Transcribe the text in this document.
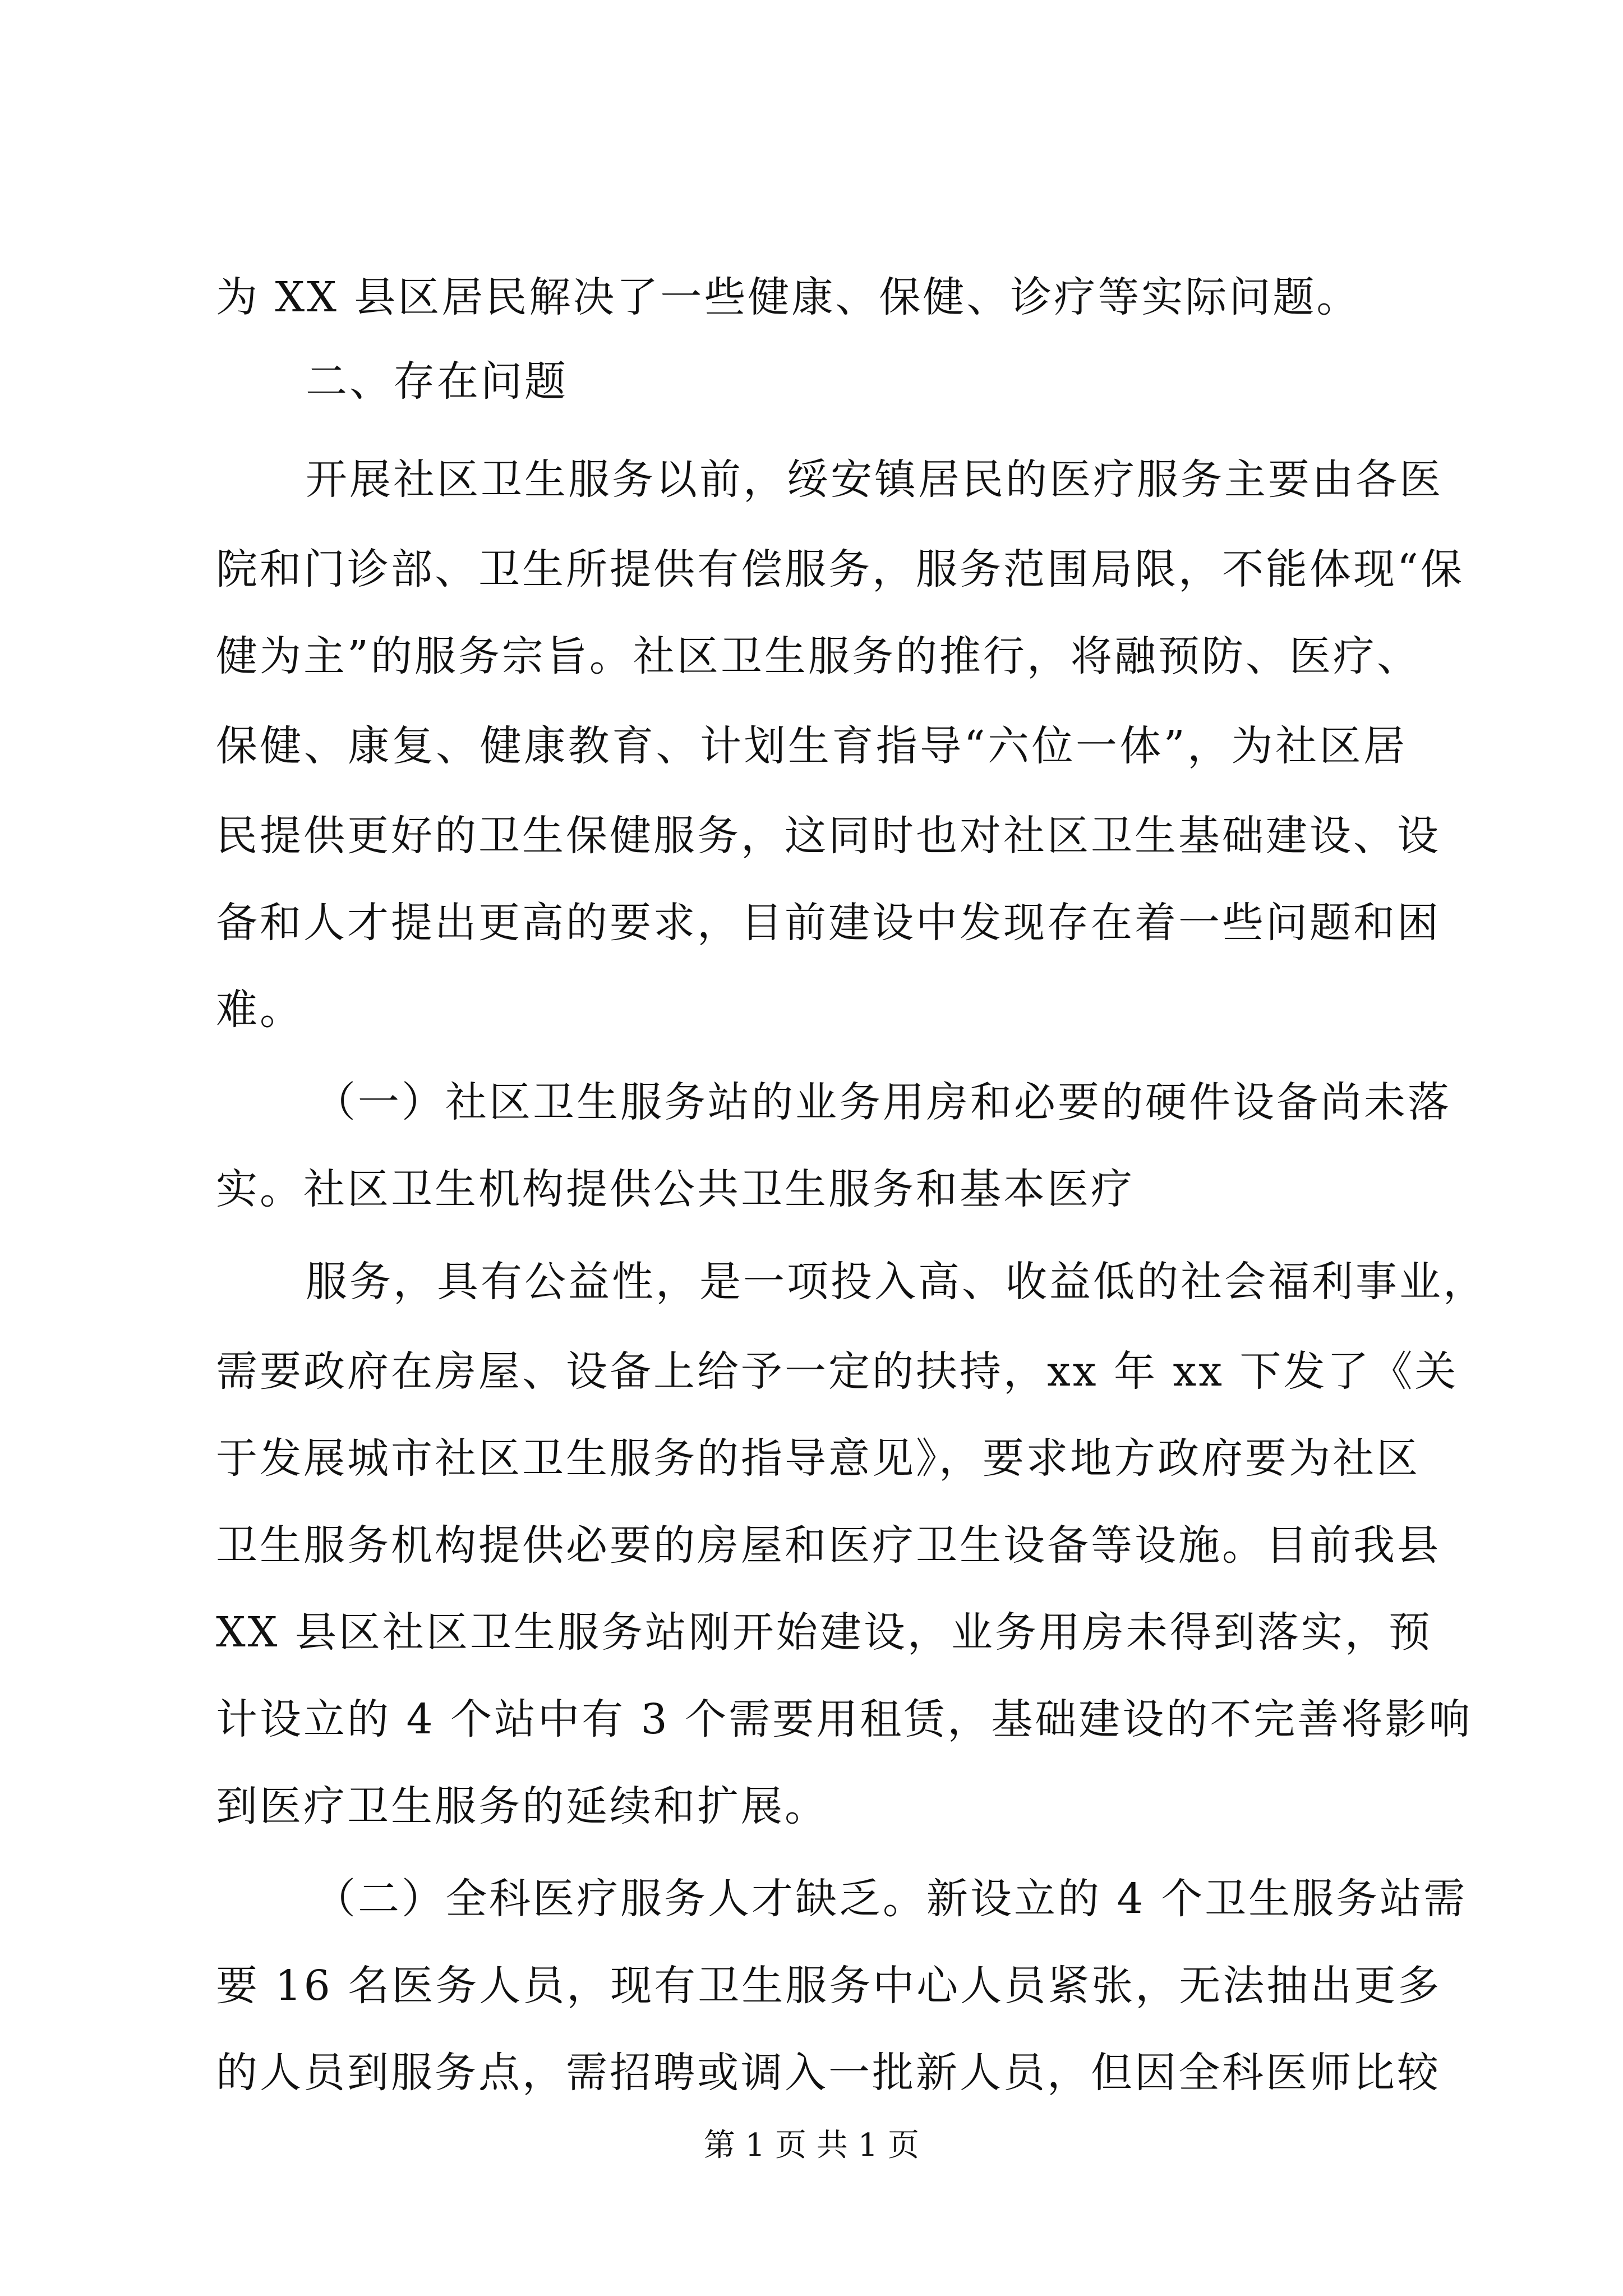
为 XX 县区居民解决了一些健康、保健、诊疗等实际问题。
二、存在问题
开展社区卫生服务以前，绥安镇居民的医疗服务主要由各医
院和门诊部、卫生所提供有偿服务，服务范围局限，不能体现“保
健为主”的服务宗旨。社区卫生服务的推行，将融预防、医疗、
保健、康复、健康教育、计划生育指导“六位一体”，为社区居
民提供更好的卫生保健服务，这同时也对社区卫生基础建设、设
备和人才提出更高的要求，目前建设中发现存在着一些问题和困
难。
（一）社区卫生服务站的业务用房和必要的硬件设备尚未落
实。社区卫生机构提供公共卫生服务和基本医疗
服务，具有公益性，是一项投入高、收益低的社会福利事业，
需要政府在房屋、设备上给予一定的扶持，xx 年 xx 下发了《关
于发展城市社区卫生服务的指导意见》，要求地方政府要为社区
卫生服务机构提供必要的房屋和医疗卫生设备等设施。目前我县
XX 县区社区卫生服务站刚开始建设，业务用房未得到落实，预
计设立的 4 个站中有 3 个需要用租赁，基础建设的不完善将影响
到医疗卫生服务的延续和扩展。
（二）全科医疗服务人才缺乏。新设立的 4 个卫生服务站需
要 16 名医务人员，现有卫生服务中心人员紧张，无法抽出更多
的人员到服务点，需招聘或调入一批新人员，但因全科医师比较
第 1 页 共 1 页
